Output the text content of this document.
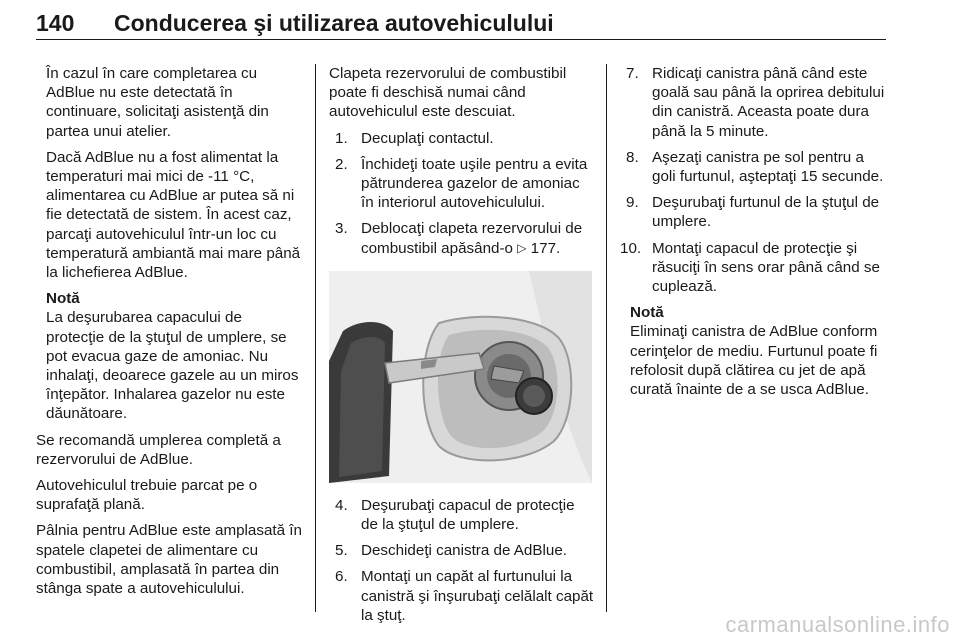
140 Conducerea şi utilizarea autovehiculului

În cazul în care completarea cu AdBlue nu este detectată în continuare, solicitaţi asistenţă din partea unui atelier.

Dacă AdBlue nu a fost alimentat la temperaturi mai mici de -11 °C, alimentarea cu AdBlue ar putea să ni fie detectată de sistem. În acest caz, parcaţi autovehiculul într-un loc cu temperatură ambiantă mai mare până la lichefierea AdBlue.

Notă

La deşurubarea capacului de protecţie de la ştuţul de umplere, se pot evacua gaze de amoniac. Nu inhalaţi, deoarece gazele au un miros înţepător. Inhalarea gazelor nu este dăunătoare.

Se recomandă umplerea completă a rezervorului de AdBlue.

Autovehiculul trebuie parcat pe o suprafaţă plană.

Pâlnia pentru AdBlue este amplasată în spatele clapetei de alimentare cu combustibil, amplasată în partea din stânga spate a autovehiculului.

Clapeta rezervorului de combustibil poate fi deschisă numai când autovehiculul este descuiat.

1. Decuplaţi contactul.
2. Închideţi toate uşile pentru a evita pătrunderea gazelor de amoniac în interiorul autovehiculului.
3. Deblocaţi clapeta rezervorului de combustibil apăsând-o ▷ 177.
4. Deşurubaţi capacul de protecţie de la ştuţul de umplere.
5. Deschideţi canistra de AdBlue.
6. Montaţi un capăt al furtunului la canistră şi înşurubaţi celălalt capăt la ştuţ.
7. Ridicaţi canistra până când este goală sau până la oprirea debitului din canistră. Aceasta poate dura până la 5 minute.
8. Aşezaţi canistra pe sol pentru a goli furtunul, aşteptaţi 15 secunde.
9. Deşurubaţi furtunul de la ştuţul de umplere.
10. Montaţi capacul de protecţie şi răsuciţi în sens orar până când se cuplează.
Notă

Eliminaţi canistra de AdBlue conform cerinţelor de mediu. Furtunul poate fi refolosit după clătirea cu jet de apă curată înainte de a se usca AdBlue.

carmanualsonline.info
